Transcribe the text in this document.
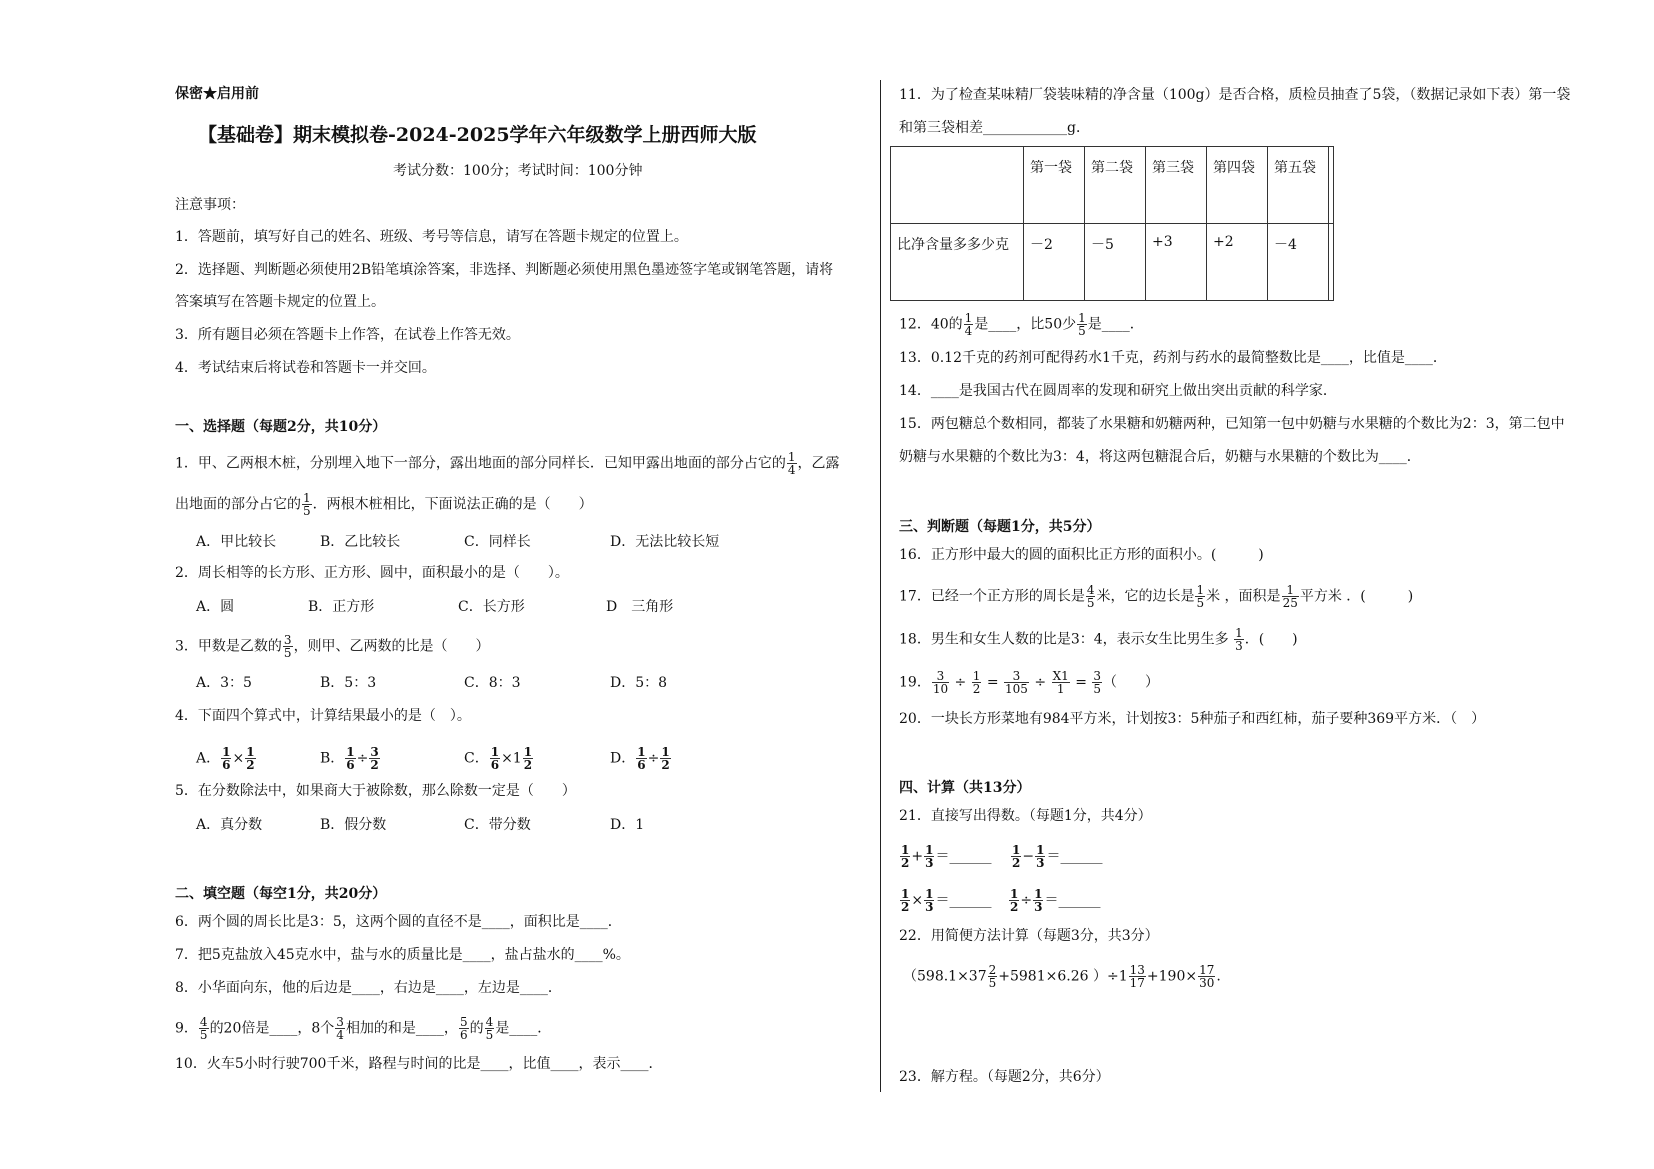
保密★启用前
【基础卷】期末模拟卷-2024-2025学年六年级数学上册西师大版
考试分数：100分；考试时间：100分钟
注意事项：
1．答题前，填写好自己的姓名、班级、考号等信息，请写在答题卡规定的位置上。
2．选择题、判断题必须使用2B铅笔填涂答案，非选择、判断题必须使用黑色墨迹签字笔或钢笔答题，请将
答案填写在答题卡规定的位置上。
3．所有题目必须在答题卡上作答，在试卷上作答无效。
4．考试结束后将试卷和答题卡一并交回。
一、选择题（每题2分，共10分）
1．甲、乙两根木桩，分别埋入地下一部分，露出地面的部分同样长．已知甲露出地面的部分占它的 $\frac{1}{4}$ ，乙露
出地面的部分占它的 $\frac{1}{5}$ ．两根木桩相比，下面说法正确的是（　　）
A．甲比较长	B．乙比较长	C．同样长	D．无法比较长短
2．周长相等的长方形、正方形、圆中，面积最小的是（　　）。
A．圆	B．正方形	C．长方形	D　三角形
3．甲数是乙数的 $\frac{3}{5}$ ，则甲、乙两数的比是（　　）
A．3：5	B．5：3	C．8：3	D．5：8
4．下面四个算式中，计算结果最小的是（　）。
A． $\frac{1}{6} \times \frac{1}{2}$	B． $\frac{1}{6} \div \frac{3}{2}$	C． $\frac{1}{6} \times 1 \frac{1}{2}$	D． $\frac{1}{6} \div \frac{1}{2}$
5．在分数除法中，如果商大于被除数，那么除数一定是（　　）
A．真分数	B．假分数	C．带分数	D．1
二、填空题（每空1分，共20分）
6．两个圆的周长比是3：5，这两个圆的直径不是____，面积比是____．
7．把5克盐放入45克水中，盐与水的质量比是____，盐占盐水的____%。
8．小华面向东，他的后边是____，右边是____，左边是____．
9． $\frac{4}{5}$ 的20倍是____，8个 $\frac{3}{4}$ 相加的和是____， $\frac{5}{6}$ 的 $\frac{4}{5}$ 是____．
10．火车5小时行驶700千米，路程与时间的比是____，比值____，表示____．
11．为了检查某味精厂袋装味精的净含量（100g）是否合格，质检员抽查了5袋，（数据记录如下表）第一袋
和第三袋相差____________g．
	第一袋	第二袋	第三袋	第四袋	第五袋	
比净含量多多少克	－2	－5	+3	+2	－4	
12．40的 $\frac{1}{4}$ 是____，比50少 $\frac{1}{5}$ 是____．
13．0.12千克的药剂可配得药水1千克，药剂与药水的最简整数比是____，比值是____．
14．____是我国古代在圆周率的发现和研究上做出突出贡献的科学家．
15．两包糖总个数相同，都装了水果糖和奶糖两种，已知第一包中奶糖与水果糖的个数比为2：3，第二包中
奶糖与水果糖的个数比为3：4，将这两包糖混合后，奶糖与水果糖的个数比为____．
三、判断题（每题1分，共5分）
16．正方形中最大的圆的面积比正方形的面积小。(　　　)
17．已经一个正方形的周长是 $\frac{4}{5}$ 米，它的边长是 $\frac{1}{5}$ 米 ，面积是 $\frac{1}{25}$ 平方米 ．(　　　)
18．男生和女生人数的比是3：4，表示女生比男生多 $\frac{1}{3}$ ．(　　)
19． $\frac{3}{10} \div \frac{1}{2} = \frac{3}{105} \div \frac{X1}{1} = \frac{3}{5}$ （　　）
20．一块长方形菜地有984平方米，计划按3：5种茄子和西红柿，茄子要种369平方米．（　）
四、计算（共13分）
21．直接写出得数。（每题1分，共4分）
$\frac{1}{2} + \frac{1}{3}$ ＝______ $\frac{1}{2} - \frac{1}{3}$ ＝______
$\frac{1}{2} \times \frac{1}{3}$ ＝______ $\frac{1}{2} \div \frac{1}{3}$ ＝______
22．用简便方法计算（每题3分，共3分）
（$598.1\times 37 \frac{2}{5} +5981\times 6.26$ ）$\div 1 \frac{13}{17} +190\times \frac{17}{30}$ .
23．解方程。（每题2分，共6分）
